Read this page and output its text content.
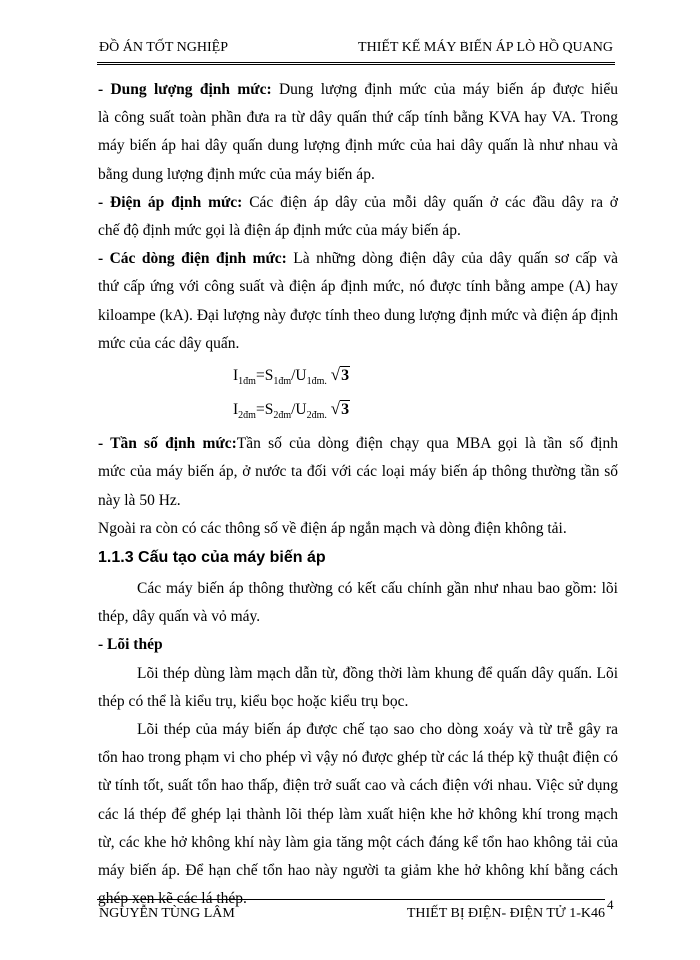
ĐỒ ÁN TỐT NGHIỆP	THIẾT KẾ MÁY BIẾN ÁP LÒ HỒ QUANG

- Dung lượng định mức: Dung lượng định mức của máy biến áp được hiểu

là công suất toàn phần đưa ra từ dây quấn thứ cấp tính bằng KVA hay VA. Trong máy biến áp hai dây quấn dung lượng định mức của hai dây quấn là như nhau và bằng dung lượng định mức của máy biến áp.

- Điện áp định mức: Các điện áp dây của mỗi dây quấn ở các đầu dây ra ở

chế độ định mức gọi là điện áp định mức của máy biến áp.

- Các dòng điện định mức: Là những dòng điện dây của dây quấn sơ cấp và

thứ cấp ứng với công suất và điện áp định mức, nó được tính bằng ampe (A) hay kiloampe (kA). Đại lượng này được tính theo dung lượng định mức và điện áp định mức của các dây quấn.

$I_{1đm}=S_{1đm}/U_{1đm.}$ √ 3
$I_{2đm}=S_{2đm}/U_{2đm.}$ √ 3

- Tần số định mức:Tần số của dòng điện chạy qua MBA gọi là tần số định

mức của máy biến áp, ở nước ta đối với các loại máy biến áp thông thường tần số này là 50 Hz.

Ngoài ra còn có các thông số về điện áp ngắn mạch và dòng điện không tải.

1.1.3 Cấu tạo của máy biến áp

Các máy biến áp thông thường có kết cấu chính gần như nhau bao gồm: lõi thép, dây quấn và vỏ máy.

- Lõi thép

Lõi thép dùng làm mạch dẫn từ, đồng thời làm khung để quấn dây quấn. Lõi thép có thể là kiểu trụ, kiểu bọc hoặc kiểu trụ bọc.

Lõi thép của máy biến áp được chế tạo sao cho dòng xoáy và từ trễ gây ra tổn hao trong phạm vi cho phép vì vậy nó được ghép từ các lá thép kỹ thuật điện có từ tính tốt, suất tổn hao thấp, điện trở suất cao và cách điện với nhau. Việc sử dụng các lá thép để ghép lại thành lõi thép làm xuất hiện khe hở không khí trong mạch từ, các khe hở không khí này làm gia tăng một cách đáng kể tổn hao không tải của máy biến áp. Để hạn chế tổn hao này người ta giảm khe hở không khí bằng cách ghép xen kẽ các lá thép.

NGUYỄN TÙNG LÂM	THIẾT BỊ ĐIỆN- ĐIỆN TỬ 1-K46
4
